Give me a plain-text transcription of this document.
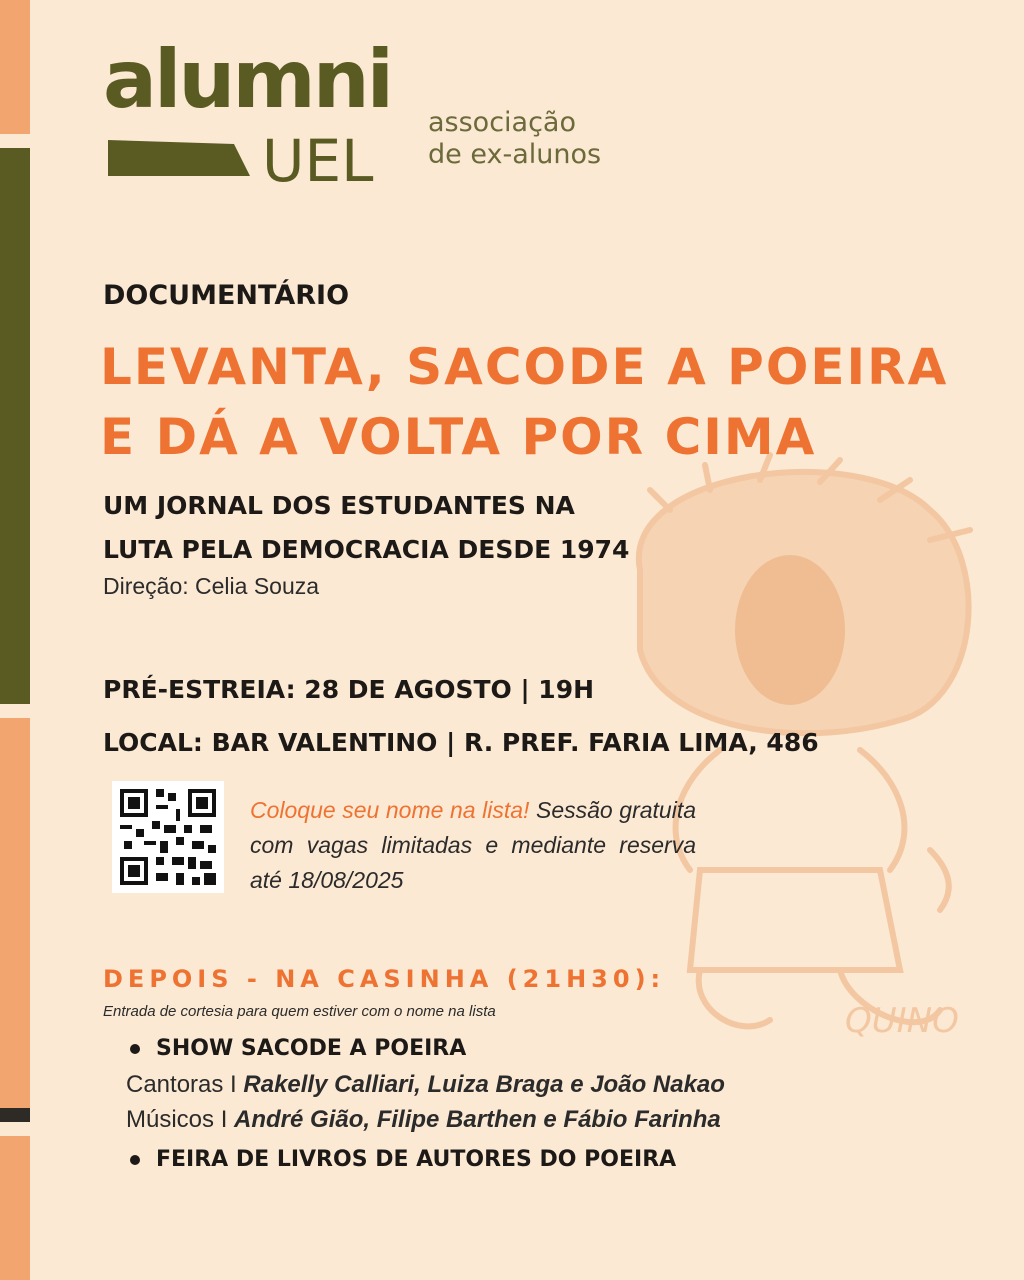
QUINO
alumni
UEL
associação
de ex-alunos
DOCUMENTÁRIO
LEVANTA, SACODE A POEIRA
E DÁ A VOLTA POR CIMA
UM JORNAL DOS ESTUDANTES NA
LUTA PELA DEMOCRACIA DESDE 1974
Direção: Celia Souza
PRÉ-ESTREIA: 28 DE AGOSTO | 19H
LOCAL: BAR VALENTINO | R. PREF. FARIA LIMA, 486
Coloque seu nome na lista! Sessão gratuita com vagas limitadas e mediante reserva até 18/08/2025
DEPOIS - NA CASINHA (21H30):
Entrada de cortesia para quem estiver com o nome na lista
SHOW SACODE A POEIRA
Cantoras I Rakelly Calliari, Luiza Braga e João Nakao
Músicos I André Gião, Filipe Barthen e Fábio Farinha
FEIRA DE LIVROS DE AUTORES DO POEIRA
